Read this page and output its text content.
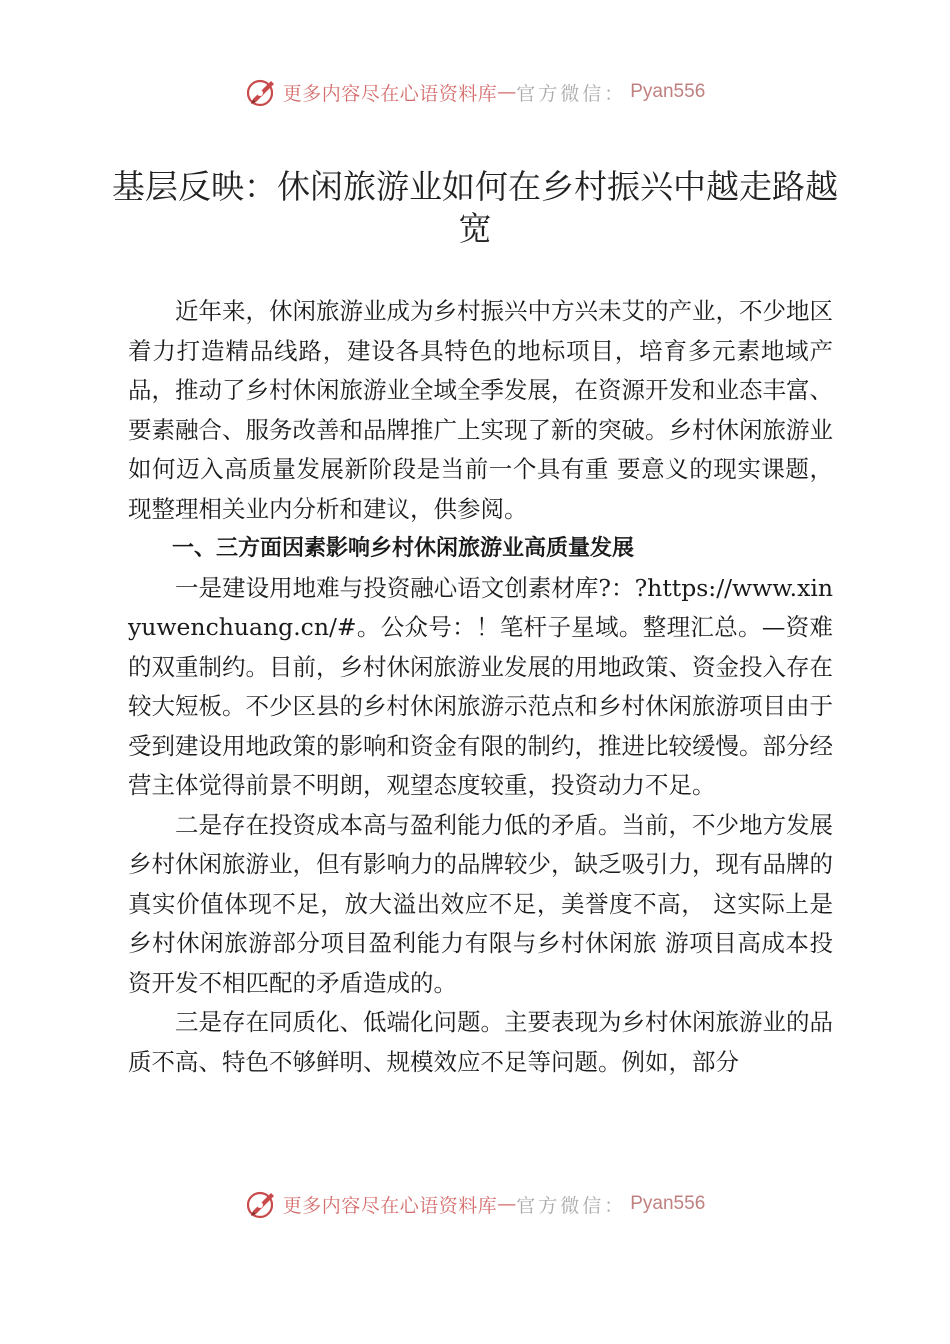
更多内容尽在心语资料库 — 官方微信： Pyan556
基层反映：休闲旅游业如何在乡村振兴中越走路越宽

近年来，休闲旅游业成为乡村振兴中方兴未艾的产业，不少地区着力打造精品线路，建设各具特色的地标项目，培育多元素地域产品，推动了乡村休闲旅游业全域全季发展，在资源开发和业态丰富、要素融合、服务改善和品牌推广上实现了新的突破。乡村休闲旅游业如何迈入高质量发展新阶段是当前一个具有重 要意义的现实课题，现整理相关业内分析和建议，供参阅。

一、三方面因素影响乡村休闲旅游业高质量发展

一是建设用地难与投资融心语文创素材库?：?https://www.xinyuwenchuang.cn/#。公众号：！笔杆子星域。整理汇总。—资难的双重制约。目前，乡村休闲旅游业发展的用地政策、资金投入存在较大短板。不少区县的乡村休闲旅游示范点和乡村休闲旅游项目由于受到建设用地政策的影响和资金有限的制约，推进比较缓慢。部分经营主体觉得前景不明朗，观望态度较重，投资动力不足。

二是存在投资成本高与盈利能力低的矛盾。当前，不少地方发展乡村休闲旅游业，但有影响力的品牌较少，缺乏吸引力，现有品牌的真实价值体现不足，放大溢出效应不足，美誉度不高， 这实际上是乡村休闲旅游部分项目盈利能力有限与乡村休闲旅 游项目高成本投资开发不相匹配的矛盾造成的。

三是存在同质化、低端化问题。主要表现为乡村休闲旅游业的品质不高、特色不够鲜明、规模效应不足等问题。例如，部分

更多内容尽在心语资料库 — 官方微信： Pyan556
